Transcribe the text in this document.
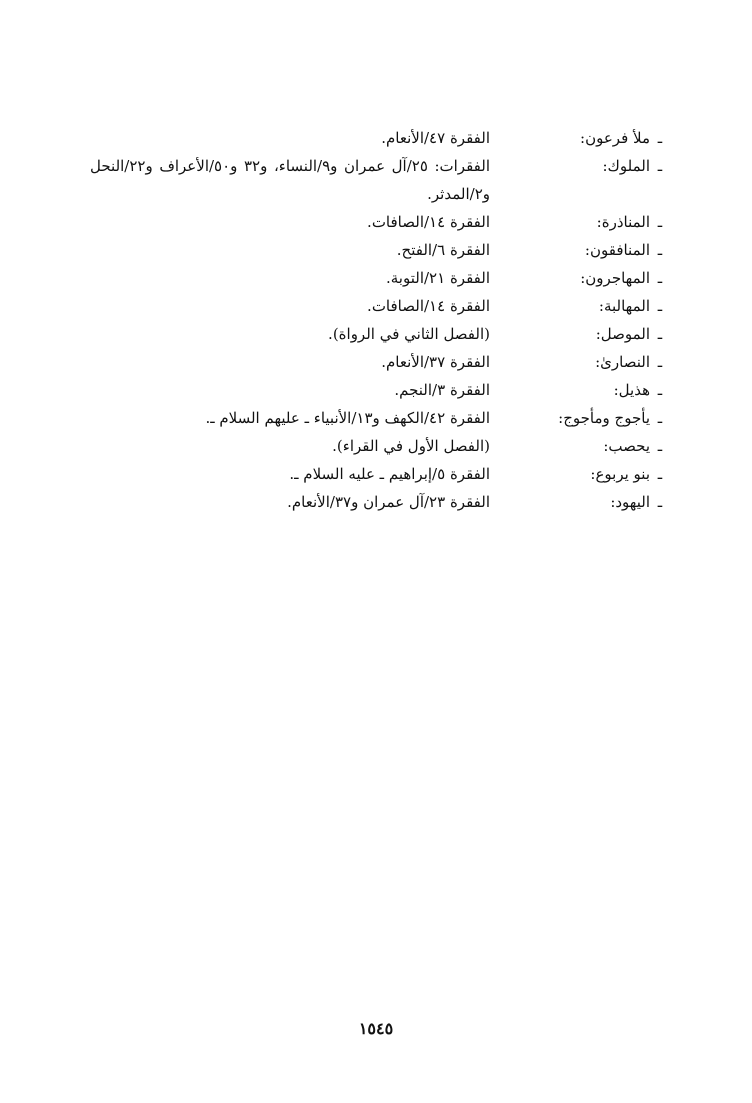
ـ
ملأ فرعون:
الفقرة ٤٧/الأنعام.
ـ
الملوك:
الفقرات: ٢٥/آل عمران و٩/النساء، و٣٢ و٥٠/الأعراف و٢٢/النحل و٢/المدثر.
ـ
المناذرة:
الفقرة ١٤/الصافات.
ـ
المنافقون:
الفقرة ٦/الفتح.
ـ
المهاجرون:
الفقرة ٢١/التوبة.
ـ
المهالبة:
الفقرة ١٤/الصافات.
ـ
الموصل:
(الفصل الثاني في الرواة).
ـ
النصارىٰ:
الفقرة ٣٧/الأنعام.
ـ
هذيل:
الفقرة ٣/النجم.
ـ
يأجوج ومأجوج:
الفقرة ٤٢/الكهف و١٣/الأنبياء ـ عليهم السلام ـ.
ـ
يحصب:
(الفصل الأول في القراء).
ـ
بنو يربوع:
الفقرة ٥/إبراهيم ـ عليه السلام ـ.
ـ
اليهود:
الفقرة ٢٣/آل عمران و٣٧/الأنعام.
١٥٤٥
